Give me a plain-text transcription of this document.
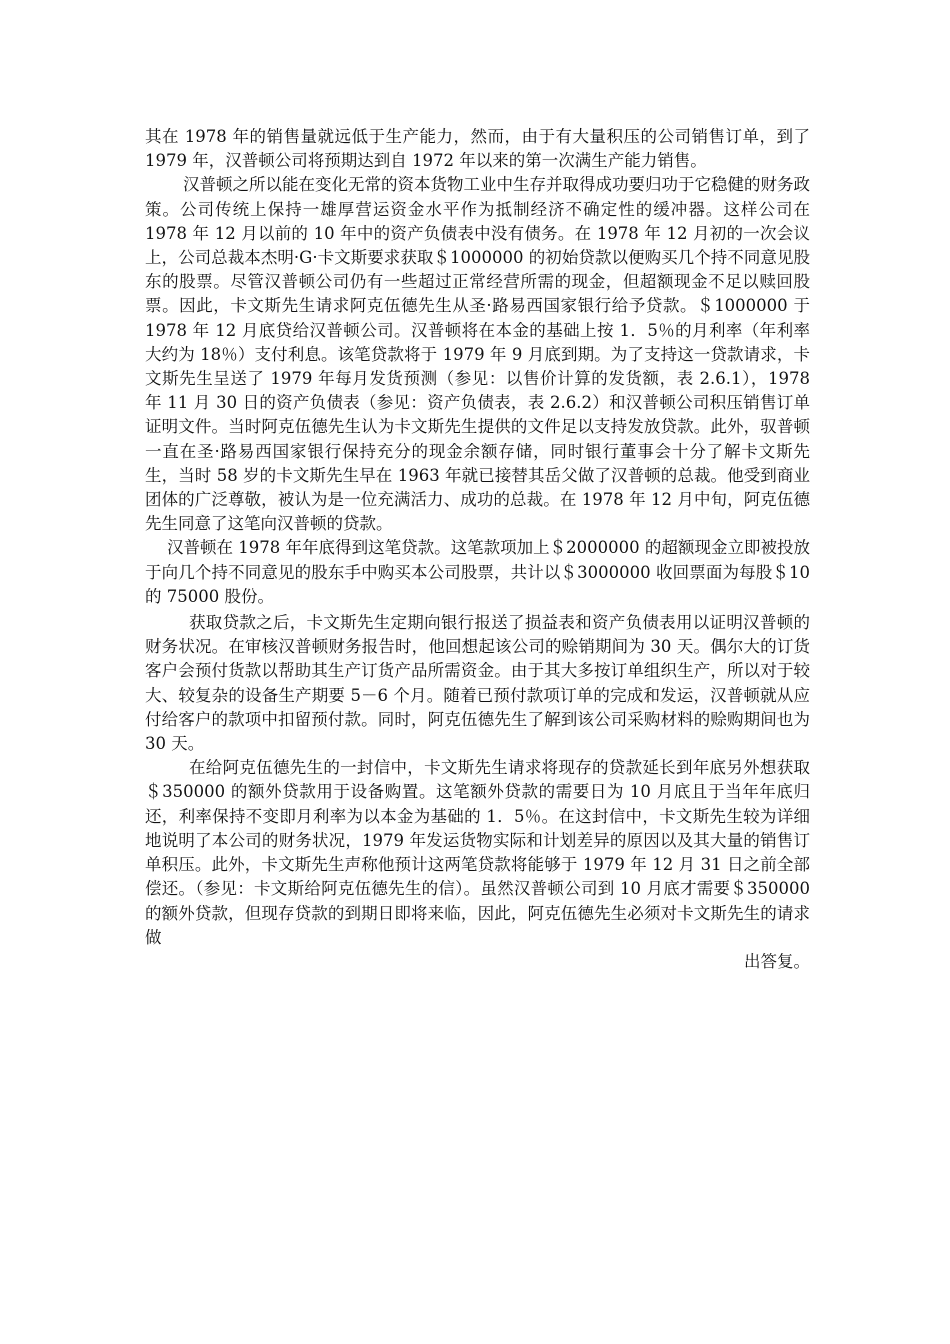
其在 1978 年的销售量就远低于生产能力，然而，由于有大量积压的公司销售订单，到了 1979 年，汉普顿公司将预期达到自 1972 年以来的第一次满生产能力销售。

汉普顿之所以能在变化无常的资本货物工业中生存并取得成功要归功于它稳健的财务政策。公司传统上保持一雄厚营运资金水平作为抵制经济不确定性的缓冲器。这样公司在 1978 年 12 月以前的 10 年中的资产负债表中没有债务。在 1978 年 12 月初的一次会议上，公司总裁本杰明·G·卡文斯要求获取＄1000000 的初始贷款以便购买几个持不同意见股东的股票。尽管汉普顿公司仍有一些超过正常经营所需的现金，但超额现金不足以赎回股票。因此，卡文斯先生请求阿克伍德先生从圣·路易西国家银行给予贷款。＄1000000 于 1978 年 12 月底贷给汉普顿公司。汉普顿将在本金的基础上按 1．5％的月利率（年利率大约为 18％）支付利息。该笔贷款将于 1979 年 9 月底到期。为了支持这一贷款请求，卡文斯先生呈送了 1979 年每月发货预测（参见：以售价计算的发货额，表 2.6.1），1978 年 11 月 30 日的资产负债表（参见：资产负债表，表 2.6.2）和汉普顿公司积压销售订单证明文件。当时阿克伍德先生认为卡文斯先生提供的文件足以支持发放贷款。此外，驭普顿一直在圣·路易西国家银行保持充分的现金余额存储，同时银行董事会十分了解卡文斯先生，当时 58 岁的卡文斯先生早在 1963 年就已接替其岳父做了汉普顿的总裁。他受到商业团体的广泛尊敬，被认为是一位充满活力、成功的总裁。在 1978 年 12 月中旬，阿克伍德先生同意了这笔向汉普顿的贷款。

汉普顿在 1978 年年底得到这笔贷款。这笔款项加上＄2000000 的超额现金立即被投放于向几个持不同意见的股东手中购买本公司股票，共计以＄3000000 收回票面为每股＄10 的 75000 股份。

获取贷款之后，卡文斯先生定期向银行报送了损益表和资产负债表用以证明汉普顿的财务状况。在审核汉普顿财务报告时，他回想起该公司的赊销期间为 30 天。偶尔大的订货客户会预付货款以帮助其生产订货产品所需资金。由于其大多按订单组织生产，所以对于较大、较复杂的设备生产期要 5－6 个月。随着已预付款项订单的完成和发运，汉普顿就从应付给客户的款项中扣留预付款。同时，阿克伍德先生了解到该公司采购材料的赊购期间也为 30 天。

在给阿克伍德先生的一封信中，卡文斯先生请求将现存的贷款延长到年底另外想获取＄350000 的额外贷款用于设备购置。这笔额外贷款的需要日为 10 月底且于当年年底归还，利率保持不变即月利率为以本金为基础的 1．5％。在这封信中，卡文斯先生较为详细地说明了本公司的财务状况，1979 年发运货物实际和计划差异的原因以及其大量的销售订单积压。此外，卡文斯先生声称他预计这两笔贷款将能够于 1979 年 12 月 31 日之前全部偿还。（参见：卡文斯给阿克伍德先生的信）。虽然汉普顿公司到 10 月底才需要＄350000 的额外贷款，但现存贷款的到期日即将来临，因此，阿克伍德先生必须对卡文斯先生的请求做

出答复。
